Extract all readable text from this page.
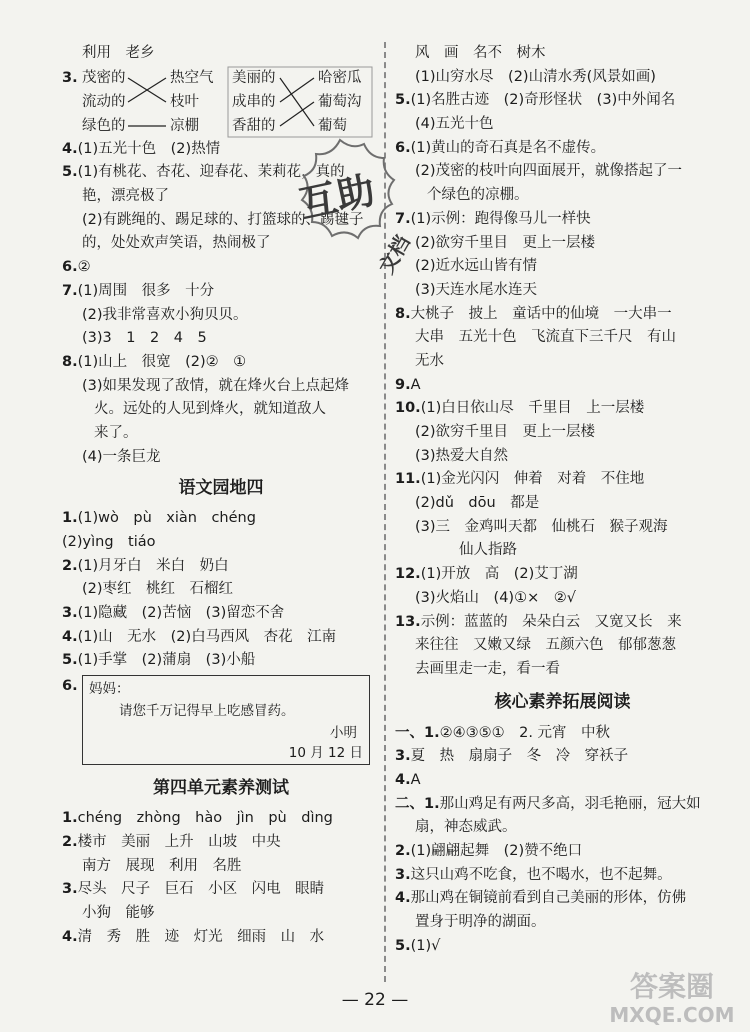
利用　老乡
3. 茂密的
流动的
绿色的
热空气
枝叶
凉棚
美丽的
成串的
香甜的
哈密瓜
葡萄沟
葡萄
4.(1)五光十色　(2)热情
5.(1)有桃花、杏花、迎春花、茉莉花，真的
艳，漂亮极了
(2)有跳绳的、踢足球的、打篮球的、踢毽子
的，处处欢声笑语，热闹极了
6.②
7.(1)周围　很多　十分
(2)我非常喜欢小狗贝贝。
(3)3　1　2　4　5
8.(1)山上　很宽　(2)②　①
(3)如果发现了敌情，就在烽火台上点起烽
火。远处的人见到烽火，就知道敌人
来了。
(4)一条巨龙
语文园地四
1.(1)wò　pù　xiàn　chéng
(2)yìng　tiáo
2.(1)月牙白　米白　奶白
(2)枣红　桃红　石榴红
3.(1)隐藏　(2)苦恼　(3)留恋不舍
4.(1)山　无水　(2)白马西风　杏花　江南
5.(1)手掌　(2)蒲扇　(3)小船
6. 妈妈：
请您千万记得早上吃感冒药。
小明
10 月 12 日
第四单元素养测试
1.chéng　zhòng　hào　jìn　pù　dìng
2.楼市　美丽　上升　山坡　中央
南方　展现　利用　名胜
3.尽头　尺子　巨石　小区　闪电　眼睛
小狗　能够
4.清　秀　胜　迹　灯光　细雨　山　水
风　画　名不　树木
(1)山穷水尽　(2)山清水秀(风景如画)
5.(1)名胜古迹　(2)奇形怪状　(3)中外闻名
(4)五光十色
6.(1)黄山的奇石真是名不虚传。
(2)茂密的枝叶向四面展开，就像搭起了一
个绿色的凉棚。
7.(1)示例：跑得像马儿一样快
(2)欲穷千里目　更上一层楼
(2)近水远山皆有情
(3)天连水尾水连天
8.大桃子　披上　童话中的仙境　一大串一
大串　五光十色　飞流直下三千尺　有山
无水
9.A
10.(1)白日依山尽　千里目　上一层楼
(2)欲穷千里目　更上一层楼
(3)热爱大自然
11.(1)金光闪闪　伸着　对着　不住地
(2)dǔ　dōu　都是
(3)三　金鸡叫天都　仙桃石　猴子观海
仙人指路
12.(1)开放　高　(2)艾丁湖
(3)火焰山　(4)①×　②√
13.示例：蓝蓝的　朵朵白云　又宽又长　来
来往往　又嫩又绿　五颜六色　郁郁葱葱
去画里走一走，看一看
核心素养拓展阅读
一、1.②④③⑤①　2. 元宵　中秋
3.夏　热　扇扇子　冬　冷　穿袄子
4.A
二、1.那山鸡足有两尺多高，羽毛艳丽，冠大如
扇，神态威武。
2.(1)翩翩起舞　(2)赞不绝口
3.这只山鸡不吃食，也不喝水，也不起舞。
4.那山鸡在铜镜前看到自己美丽的形体，仿佛
置身于明净的湖面。
5.(1)√
互助
文档
— 22 —	答案圈
MXQE.COM
